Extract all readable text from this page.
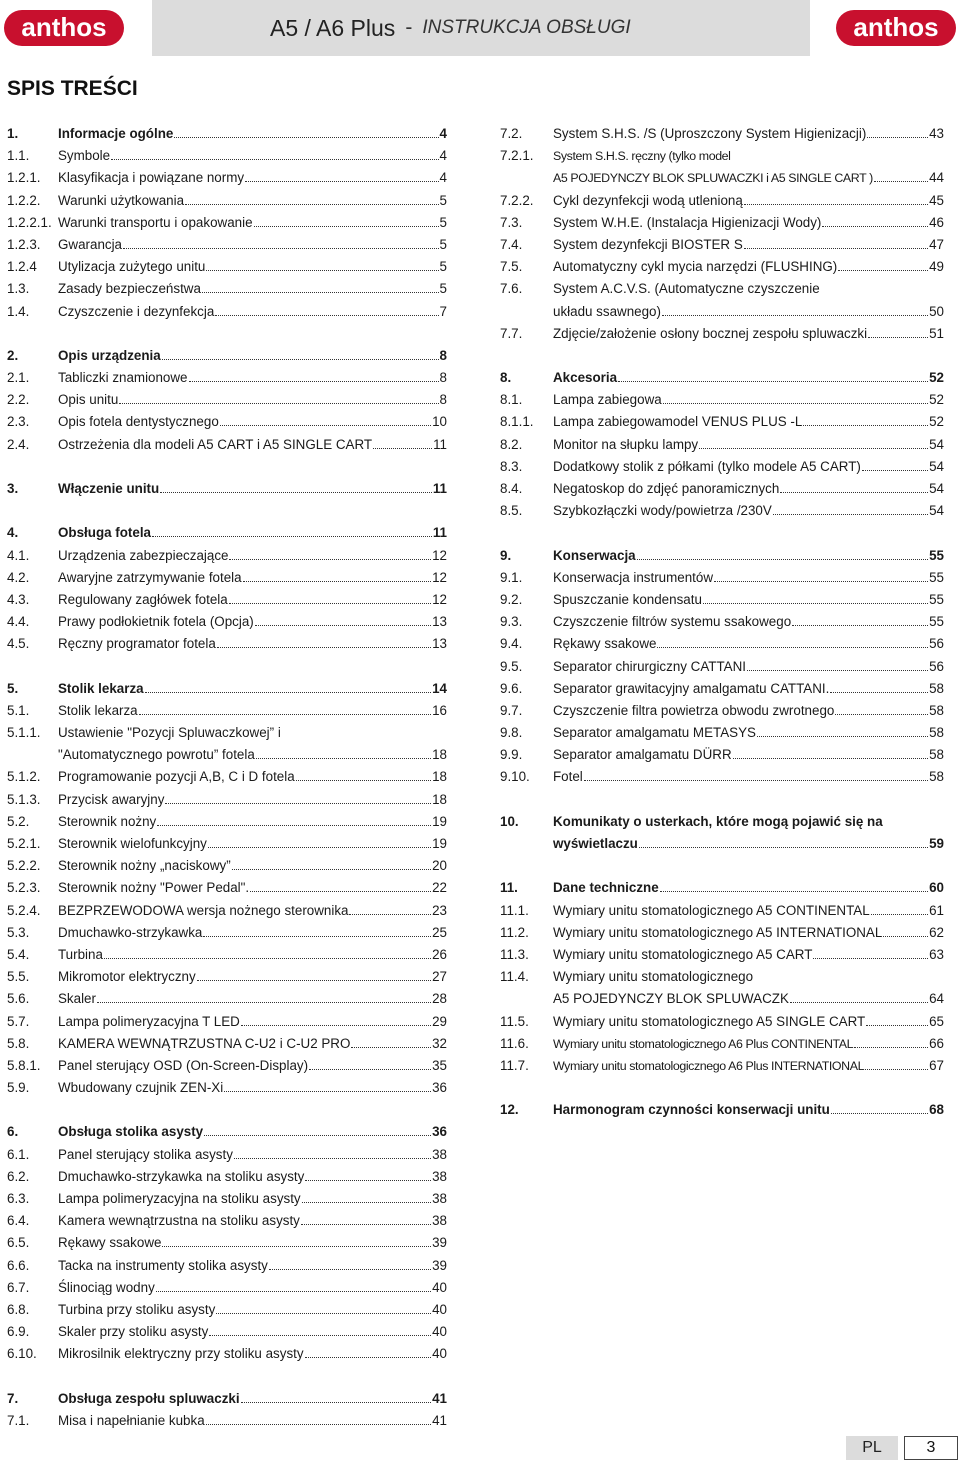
anthos	A5 / A6 Plus - INSTRUKCJA OBSŁUGI	anthos
SPIS TREŚCI
1.	Informacje ogólne	4
1.1.	Symbole	4
1.2.1.	Klasyfikacja i powiązane normy	4
1.2.2.	Warunki użytkowania	5
1.2.2.1. Warunki transportu i opakowanie	5
1.2.3.	Gwarancja	5
1.2.4	Utylizacja zużytego unitu	5
1.3.	Zasady bezpieczeństwa	5
1.4.	Czyszczenie i dezynfekcja	7
2.	Opis urządzenia	8
2.1.	Tabliczki znamionowe	8
2.2.	Opis unitu	8
2.3.	Opis fotela dentystycznego	10
2.4.	Ostrzeżenia dla modeli A5 CART i A5 SINGLE CART	11
3.	Włączenie unitu	11
4.	Obsługa fotela	11
4.1.	Urządzenia zabezpieczające	12
4.2.	Awaryjne zatrzymywanie fotela	12
4.3.	Regulowany zagłówek fotela	12
4.4.	Prawy podłokietnik fotela (Opcja)	13
4.5.	Ręczny programator fotela	13
5.	Stolik lekarza	14
5.1.	Stolik lekarza	16
5.1.1.	Ustawienie "Pozycji Spluwaczkowej” i
"Automatycznego powrotu” fotela	18
5.1.2.	Programowanie pozycji A,B, C i D fotela	18
5.1.3.	Przycisk awaryjny	18
5.2.	Sterownik nożny	19
5.2.1.	Sterownik wielofunkcyjny	19
5.2.2.	Sterownik nożny „naciskowy”	20
5.2.3.	Sterownik nożny "Power Pedal".	22
5.2.4.	BEZPRZEWODOWA wersja nożnego sterownika	23
5.3.	Dmuchawko-strzykawka	25
5.4.	Turbina	26
5.5.	Mikromotor elektryczny	27
5.6.	Skaler	28
5.7.	Lampa polimeryzacyjna T LED	29
5.8.	KAMERA WEWNĄTRZUSTNA C-U2 i C-U2 PRO	32
5.8.1.	Panel sterujący OSD (On-Screen-Display)	35
5.9.	Wbudowany czujnik ZEN-Xi	36
6.	Obsługa stolika asysty	36
6.1.	Panel sterujący stolika asysty	38
6.2.	Dmuchawko-strzykawka na stoliku asysty	38
6.3.	Lampa polimeryzacyjna na stoliku asysty	38
6.4.	Kamera wewnątrzustna na stoliku asysty	38
6.5.	Rękawy ssakowe	39
6.6.	Tacka na instrumenty stolika asysty	39
6.7.	Ślinociąg wodny	40
6.8.	Turbina przy stoliku asysty	40
6.9.	Skaler przy stoliku asysty	40
6.10.	Mikrosilnik elektryczny przy stoliku asysty	40
7.	Obsługa zespołu spluwaczki	41
7.1.	Misa i napełnianie kubka	41
7.2.	System S.H.S. /S (Uproszczony System Higienizacji)	43
7.2.1.	System S.H.S. ręczny (tylko model
A5 POJEDYNCZY BLOK SPLUWACZKI i A5 SINGLE CART )	44
7.2.2.	Cykl dezynfekcji wodą utlenioną	45
7.3.	System W.H.E. (Instalacja Higienizacji Wody)	46
7.4.	System dezynfekcji BIOSTER S	47
7.5.	Automatyczny cykl mycia narzędzi (FLUSHING)	49
7.6.	System A.C.V.S. (Automatyczne czyszczenie
układu ssawnego)	50
7.7.	Zdjęcie/założenie osłony bocznej zespołu spluwaczki	51
8.	Akcesoria	52
8.1.	Lampa zabiegowa	52
8.1.1.	Lampa zabiegowamodel VENUS PLUS -L	52
8.2.	Monitor na słupku lampy	54
8.3.	Dodatkowy stolik z półkami (tylko modele A5 CART)	54
8.4.	Negatoskop do zdjęć panoramicznych	54
8.5.	Szybkozłączki wody/powietrza /230V	54
9.	Konserwacja	55
9.1.	Konserwacja instrumentów	55
9.2.	Spuszczanie kondensatu	55
9.3.	Czyszczenie filtrów systemu ssakowego	55
9.4.	Rękawy ssakowe	56
9.5.	Separator chirurgiczny CATTANI	56
9.6.	Separator grawitacyjny amalgamatu CATTANI.	58
9.7.	Czyszczenie filtra powietrza obwodu zwrotnego	58
9.8.	Separator amalgamatu METASYS	58
9.9.	Separator amalgamatu DÜRR	58
9.10.	Fotel	58
10.	Komunikaty o usterkach, które mogą pojawić się na
wyświetlaczu	59
11.	Dane techniczne	60
11.1.	Wymiary unitu stomatologicznego A5 CONTINENTAL	61
11.2.	Wymiary unitu stomatologicznego A5 INTERNATIONAL	62
11.3.	Wymiary unitu stomatologicznego A5 CART	63
11.4.	Wymiary unitu stomatologicznego
A5 POJEDYNCZY BLOK SPLUWACZK	64
11.5.	Wymiary unitu stomatologicznego A5 SINGLE CART	65
11.6.	Wymiary unitu stomatologicznego A6 Plus CONTINENTAL	66
11.7.	Wymiary unitu stomatologicznego A6 Plus INTERNATIONAL	67
12.	Harmonogram czynności konserwacji unitu	68
PL	3
